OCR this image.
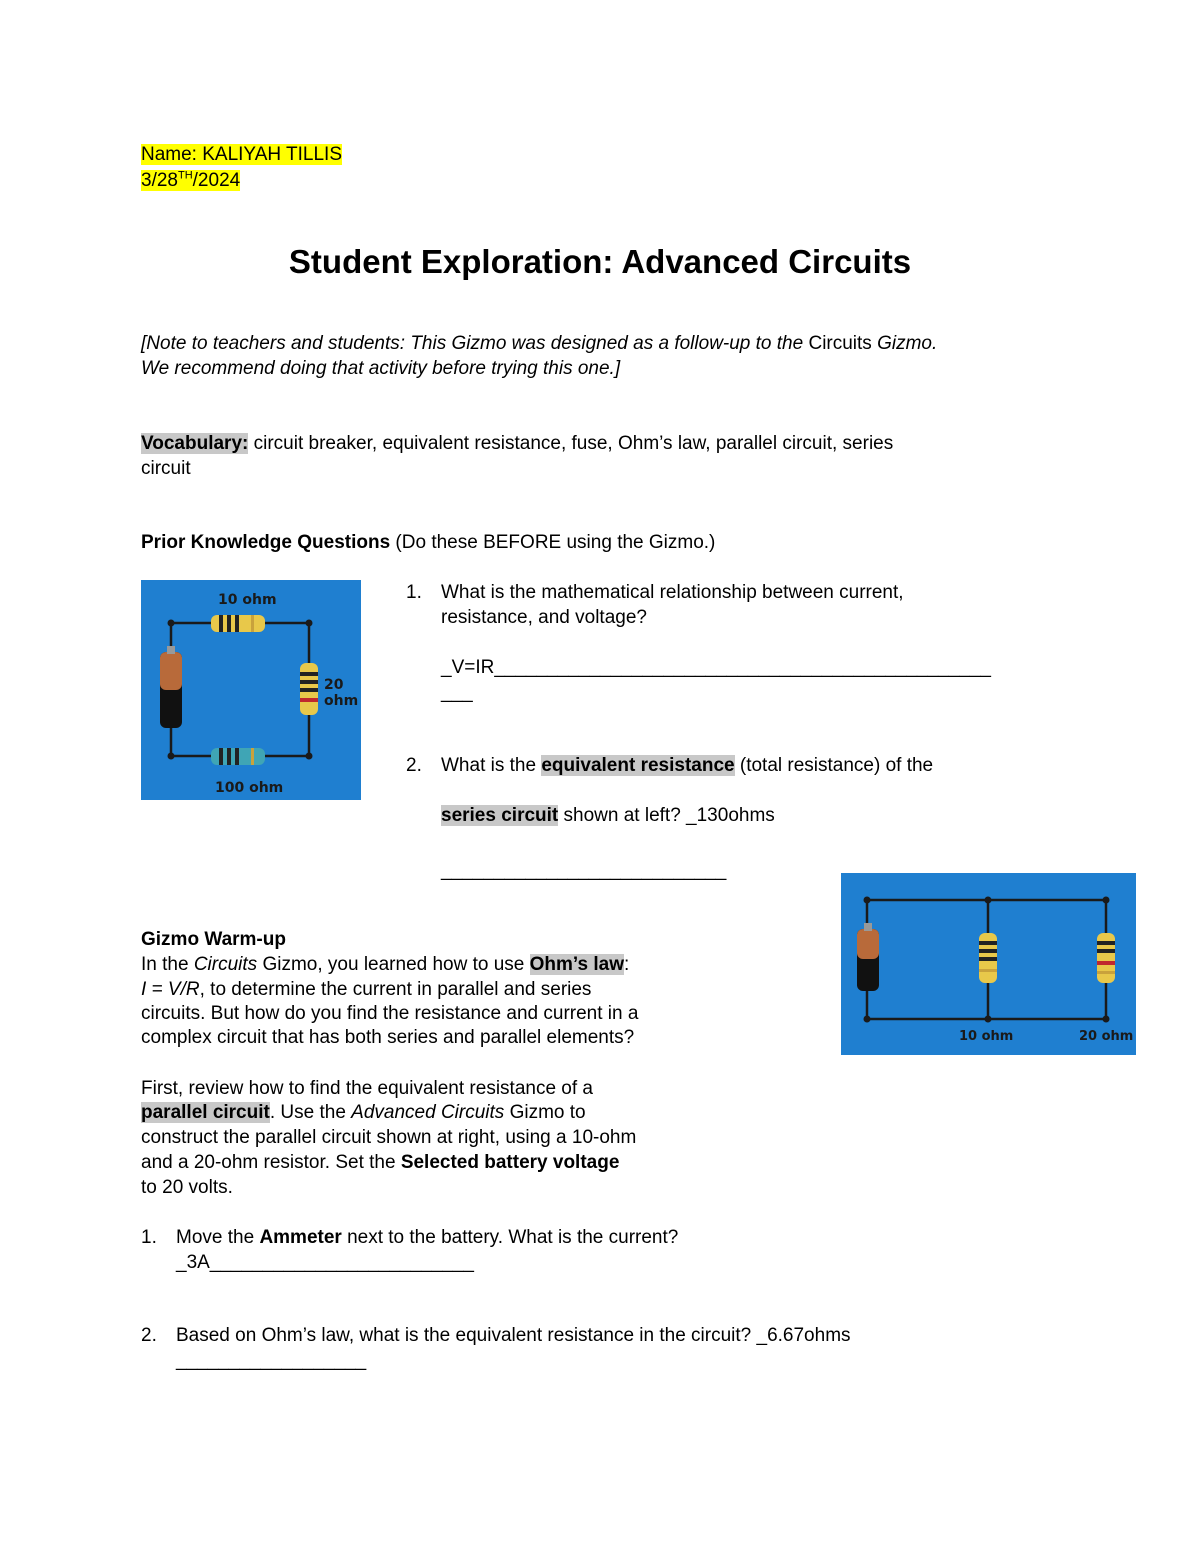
Name: KALIYAH TILLIS
3/28TH/2024
Student Exploration: Advanced Circuits
[Note to teachers and students: This Gizmo was designed as a follow-up to the Circuits Gizmo.
We recommend doing that activity before trying this one.]
Vocabulary: circuit breaker, equivalent resistance, fuse, Ohm’s law, parallel circuit, series
circuit
Prior Knowledge Questions (Do these BEFORE using the Gizmo.)
10 ohm
20
ohm
100 ohm
1. What is the mathematical relationship between current,
resistance, and voltage?
_V=IR_______________________________________________
___
2. What is the equivalent resistance (total resistance) of the
series circuit shown at left? _130ohms
___________________________
10 ohm	20 ohm
Gizmo Warm-up
In the Circuits Gizmo, you learned how to use Ohm’s law:
I = V/R, to determine the current in parallel and series
circuits. But how do you find the resistance and current in a
complex circuit that has both series and parallel elements?
First, review how to find the equivalent resistance of a
parallel circuit. Use the Advanced Circuits Gizmo to
construct the parallel circuit shown at right, using a 10-ohm
and a 20-ohm resistor. Set the Selected battery voltage
to 20 volts.
1. Move the Ammeter next to the battery. What is the current?
_3A_________________________
2. Based on Ohm’s law, what is the equivalent resistance in the circuit? _6.67ohms
__________________
